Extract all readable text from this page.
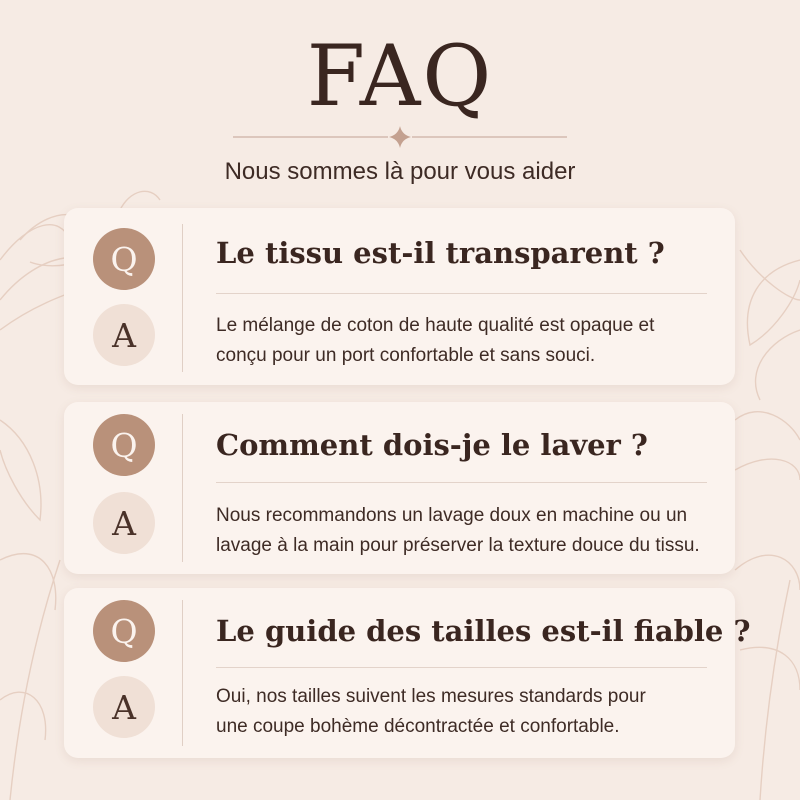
FAQ
Nous sommes là pour vous aider
Q
A
Le tissu est-il transparent ?
Le mélange de coton de haute qualité est opaque et
conçu pour un port confortable et sans souci.
Q
A
Comment dois-je le laver ?
Nous recommandons un lavage doux en machine ou un
lavage à la main pour préserver la texture douce du tissu.
Q
A
Le guide des tailles est-il fiable ?
Oui, nos tailles suivent les mesures standards pour
une coupe bohème décontractée et confortable.
